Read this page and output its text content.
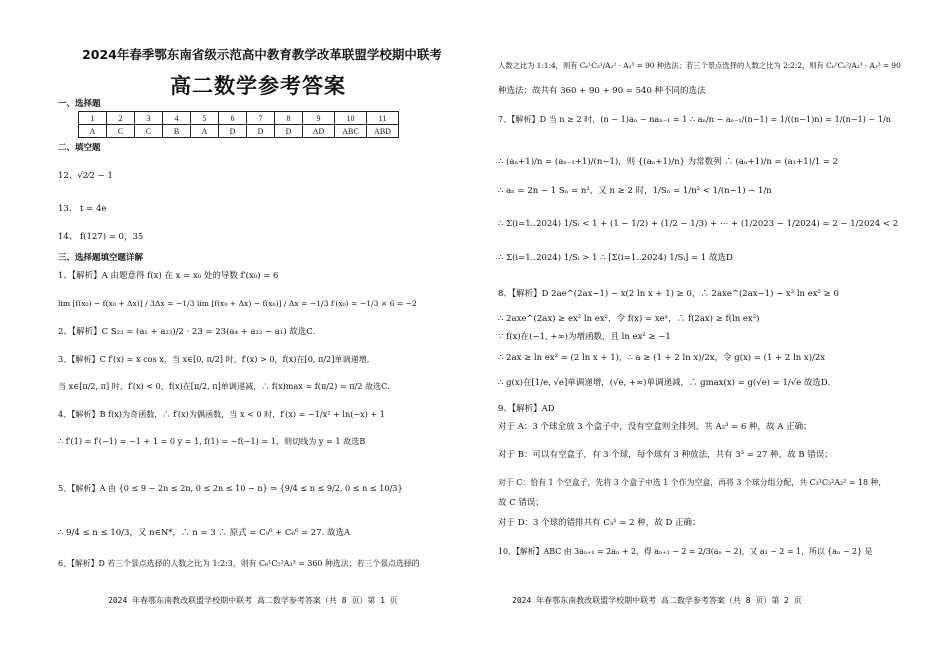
2024年春季鄂东南省级示范高中教育教学改革联盟学校期中联考
高二数学参考答案
一、选择题
1	2	3	4	5	6	7	8	9	10	11
A	C	C	B	A	D	D	D	AD	ABC	ABD
二、填空题
12、√2⁄2 − 1
13、 t = 4e
14、 f(127) = 0，35
三、选择题填空题详解
1、【解析】A 由题意得 f(x) 在 x = x₀ 处的导数 f′(x₀) = 6
lim [f(x₀) − f(x₀ + Δx)] / 3Δx = −1/3 lim [f(x₀ + Δx) − f(x₀)] / Δx = −1/3 f′(x₀) = −1/3 × 6 = −2
2、【解析】C S₂₃ = (a₁ + a₂₃)/2 · 23 = 23(a₄ + a₁₃ − a₁) 故选C.
3、【解析】C f′(x) = x cos x，当 x∈[0, π/2] 时，f′(x) > 0，f(x)在[0, π/2]单调递增,
当 x∈[π/2, π] 时，f′(x) < 0，f(x)在[π/2, π]单调递减，∴ f(x)max = f(π/2) = π/2 故选C.
4、【解析】B f(x)为奇函数，∴ f′(x)为偶函数，当 x < 0 时，f′(x) = −1/x² + ln(−x) + 1
∴ f′(1) = f′(−1) = −1 + 1 = 0 y = 1, f(1) = −f(−1) = 1，则切线为 y = 1 故选B
5、【解析】A 由 {0 ≤ 9 − 2n ≤ 2n, 0 ≤ 2n ≤ 10 − n} ⇒ {9/4 ≤ n ≤ 9/2, 0 ≤ n ≤ 10/3}
∴ 9/4 ≤ n ≤ 10/3，又 n∈N*，∴ n = 3 ∴ 原式 = C₉⁶ + C₆⁶ = 27. 故选A
6、【解析】D 若三个景点选择的人数之比为 1:2:3，则有 C₆¹C₅²A₃³ = 360 种选法；若三个景点选择的
2024 年春鄂东南教改联盟学校期中联考 高二数学参考答案（共 8 页）第 1 页
人数之比为 1:1:4，则有 C₆¹C₅¹/A₂² · A₃³ = 90 种选法；若三个景点选择的人数之比为 2:2:2，则有 C₆²C₄²/A₃³ · A₃³ = 90
种选法；故共有 360 + 90 + 90 = 540 种不同的选法
7、【解析】D 当 n ≥ 2 时，(n − 1)aₙ − naₙ₋₁ = 1 ∴ aₙ/n − aₙ₋₁/(n−1) = 1/((n−1)n) = 1/(n−1) − 1/n
∴ (aₙ+1)/n = (aₙ₋₁+1)/(n−1)，则 {(aₙ+1)/n} 为常数列 ∴ (aₙ+1)/n = (a₁+1)/1 = 2
∴ aₙ = 2n − 1 Sₙ = n²，又 n ≥ 2 时，1/Sₙ = 1/n² < 1/(n−1) − 1/n
∴ Σ(i=1..2024) 1/Sᵢ < 1 + (1 − 1/2) + (1/2 − 1/3) + ⋯ + (1/2023 − 1/2024) = 2 − 1/2024 < 2
∴ Σ(i=1..2024) 1/Sᵢ > 1 ∴ [Σ(i=1..2024) 1/Sᵢ] = 1 故选D
8、【解析】D 2ae^(2ax−1) − x(2 ln x + 1) ≥ 0，∴ 2axe^(2ax−1) − x² ln ex² ≥ 0
∴ 2axe^(2ax) ≥ ex² ln ex²，令 f(x) = xeˣ，∴ f(2ax) ≥ f(ln ex²)
∵ f(x)在(−1, +∞)为增函数，且 ln ex² ≥ −1
∴ 2ax ≥ ln ex² = (2 ln x + 1)，∴ a ≥ (1 + 2 ln x)/2x，令 g(x) = (1 + 2 ln x)/2x
∴ g(x)在[1/e, √e]单调递增，(√e, +∞)单调递减，∴ gmax(x) = g(√e) = 1/√e 故选D.
9、【解析】AD
对于 A：3 个球全放 3 个盒子中，没有空盒则全排列，共 A₃³ = 6 种，故 A 正确；
对于 B：可以有空盒子，有 3 个球，每个球有 3 种放法，共有 3³ = 27 种，故 B 错误；
对于 C：恰有 1 个空盒子，先将 3 个盒子中选 1 个作为空盒，再将 3 个球分组分配，共 C₃¹C₃²A₂² = 18 种，
故 C 错误；
对于 D：3 个球的错排共有 C₃¹ = 2 种，故 D 正确；
10、【解析】ABC 由 3aₙ₊₁ = 2aₙ + 2，得 aₙ₊₁ − 2 = 2/3(aₙ − 2)，又 a₁ − 2 = 1，所以 {aₙ − 2} 是
2024 年春鄂东南教改联盟学校期中联考 高二数学参考答案（共 8 页）第 2 页
